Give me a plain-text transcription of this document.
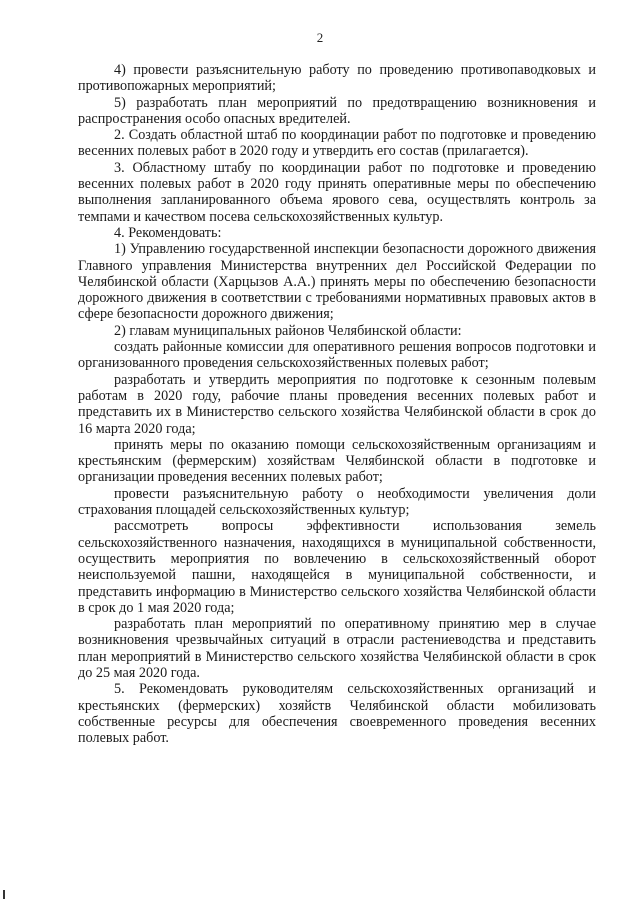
2

4) провести разъяснительную работу по проведению противопаводковых и противопожарных мероприятий;

5) разработать план мероприятий по предотвращению возникновения и распространения особо опасных вредителей.

2. Создать областной штаб по координации работ по подготовке и проведению весенних полевых работ в 2020 году и утвердить его состав (прилагается).

3. Областному штабу по координации работ по подготовке и проведению весенних полевых работ в 2020 году принять оперативные меры по обеспечению выполнения запланированного объема ярового сева, осуществлять контроль за темпами и качеством посева сельскохозяйственных культур.

4. Рекомендовать:

1) Управлению государственной инспекции безопасности дорожного движения Главного управления Министерства внутренних дел Российской Федерации по Челябинской области (Харцызов А.А.) принять меры по обеспечению безопасности дорожного движения в соответствии с требованиями нормативных правовых актов в сфере безопасности дорожного движения;

2) главам муниципальных районов Челябинской области:

создать районные комиссии для оперативного решения вопросов подготовки и организованного проведения сельскохозяйственных полевых работ;

разработать и утвердить мероприятия по подготовке к сезонным полевым работам в 2020 году, рабочие планы проведения весенних полевых работ и представить их в Министерство сельского хозяйства Челябинской области в срок до 16 марта 2020 года;

принять меры по оказанию помощи сельскохозяйственным организациям и крестьянским (фермерским) хозяйствам Челябинской области в подготовке и организации проведения весенних полевых работ;

провести разъяснительную работу о необходимости увеличения доли страхования площадей сельскохозяйственных культур;

рассмотреть вопросы эффективности использования земель сельскохозяйственного назначения, находящихся в муниципальной собственности, осуществить мероприятия по вовлечению в сельскохозяйственный оборот неиспользуемой пашни, находящейся в муниципальной собственности, и представить информацию в Министерство сельского хозяйства Челябинской области в срок до 1 мая 2020 года;

разработать план мероприятий по оперативному принятию мер в случае возникновения чрезвычайных ситуаций в отрасли растениеводства и представить план мероприятий в Министерство сельского хозяйства Челябинской области в срок до 25 мая 2020 года.

5. Рекомендовать руководителям сельскохозяйственных организаций и крестьянских (фермерских) хозяйств Челябинской области мобилизовать собственные ресурсы для обеспечения своевременного проведения весенних полевых работ.
